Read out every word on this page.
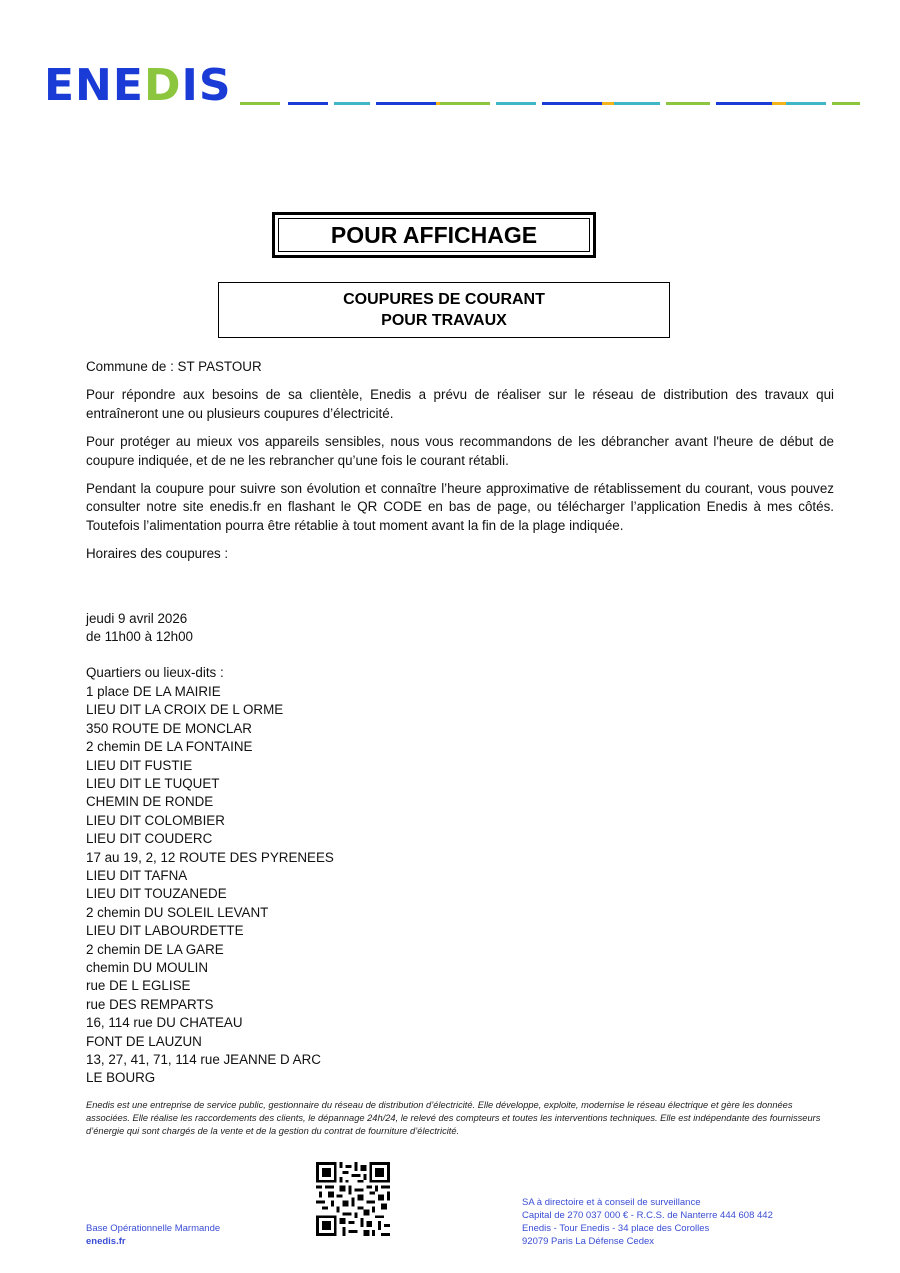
ENEDIS
POUR AFFICHAGE
COUPURES DE COURANT
POUR TRAVAUX

Commune de : ST PASTOUR

Pour répondre aux besoins de sa clientèle, Enedis a prévu de réaliser sur le réseau de distribution des travaux qui entraîneront une ou plusieurs coupures d’électricité.

Pour protéger au mieux vos appareils sensibles, nous vous recommandons de les débrancher avant l'heure de début de coupure indiquée, et de ne les rebrancher qu’une fois le courant rétabli.

Pendant la coupure pour suivre son évolution et connaître l’heure approximative de rétablissement du courant, vous pouvez consulter notre site enedis.fr en flashant le QR CODE en bas de page, ou télécharger l’application Enedis à mes côtés. Toutefois l’alimentation pourra être rétablie à tout moment avant la fin de la plage indiquée.

Horaires des coupures :

jeudi 9 avril 2026
de 11h00 à 12h00
Quartiers ou lieux-dits :
1 place DE LA MAIRIE
LIEU DIT LA CROIX DE L ORME
350 ROUTE DE MONCLAR
2 chemin DE LA FONTAINE
LIEU DIT FUSTIE
LIEU DIT LE TUQUET
CHEMIN DE RONDE
LIEU DIT COLOMBIER
LIEU DIT COUDERC
17 au 19, 2, 12 ROUTE DES PYRENEES
LIEU DIT TAFNA
LIEU DIT TOUZANEDE
2 chemin DU SOLEIL LEVANT
LIEU DIT LABOURDETTE
2 chemin DE LA GARE
chemin DU MOULIN
rue DE L EGLISE
rue DES REMPARTS
16, 114 rue DU CHATEAU
FONT DE LAUZUN
13, 27, 41, 71, 114 rue JEANNE D ARC
LE BOURG
Enedis est une entreprise de service public, gestionnaire du réseau de distribution d’électricité. Elle développe, exploite, modernise le réseau électrique et gère les données associées. Elle réalise les raccordements des clients, le dépannage 24h/24, le relevé des compteurs et toutes les interventions techniques. Elle est indépendante des fournisseurs d’énergie qui sont chargés de la vente et de la gestion du contrat de fourniture d’électricité.
Base Opérationnelle Marmande
enedis.fr
SA à directoire et à conseil de surveillance
Capital de 270 037 000 € - R.C.S. de Nanterre 444 608 442
Enedis - Tour Enedis - 34 place des Corolles
92079 Paris La Défense Cedex
